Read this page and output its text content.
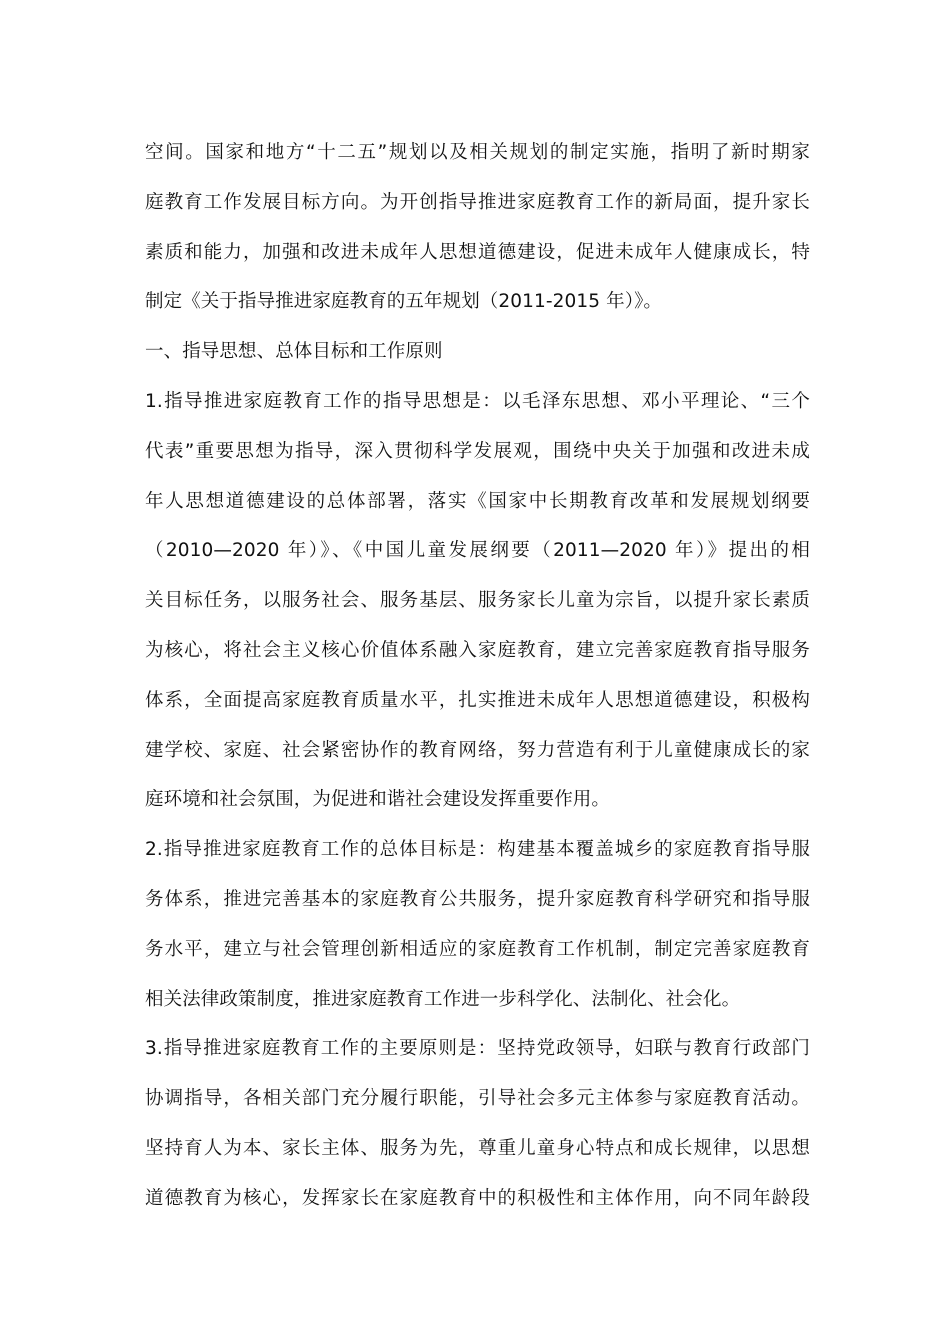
空间。国家和地方“十二五”规划以及相关规划的制定实施，指明了新时期家
庭教育工作发展目标方向。为开创指导推进家庭教育工作的新局面，提升家长
素质和能力，加强和改进未成年人思想道德建设，促进未成年人健康成长，特
制定《关于指导推进家庭教育的五年规划（2011-2015 年）》。
一、指导思想、总体目标和工作原则
1.指导推进家庭教育工作的指导思想是：以毛泽东思想、邓小平理论、“三个
代表”重要思想为指导，深入贯彻科学发展观，围绕中央关于加强和改进未成
年人思想道德建设的总体部署，落实《国家中长期教育改革和发展规划纲要
（2010—2020 年）》、《中国儿童发展纲要（2011—2020 年）》提出的相
关目标任务，以服务社会、服务基层、服务家长儿童为宗旨，以提升家长素质
为核心，将社会主义核心价值体系融入家庭教育，建立完善家庭教育指导服务
体系，全面提高家庭教育质量水平，扎实推进未成年人思想道德建设，积极构
建学校、家庭、社会紧密协作的教育网络，努力营造有利于儿童健康成长的家
庭环境和社会氛围，为促进和谐社会建设发挥重要作用。
2.指导推进家庭教育工作的总体目标是：构建基本覆盖城乡的家庭教育指导服
务体系，推进完善基本的家庭教育公共服务，提升家庭教育科学研究和指导服
务水平，建立与社会管理创新相适应的家庭教育工作机制，制定完善家庭教育
相关法律政策制度，推进家庭教育工作进一步科学化、法制化、社会化。
3.指导推进家庭教育工作的主要原则是：坚持党政领导，妇联与教育行政部门
协调指导，各相关部门充分履行职能，引导社会多元主体参与家庭教育活动。
坚持育人为本、家长主体、服务为先，尊重儿童身心特点和成长规律，以思想
道德教育为核心，发挥家长在家庭教育中的积极性和主体作用，向不同年龄段
